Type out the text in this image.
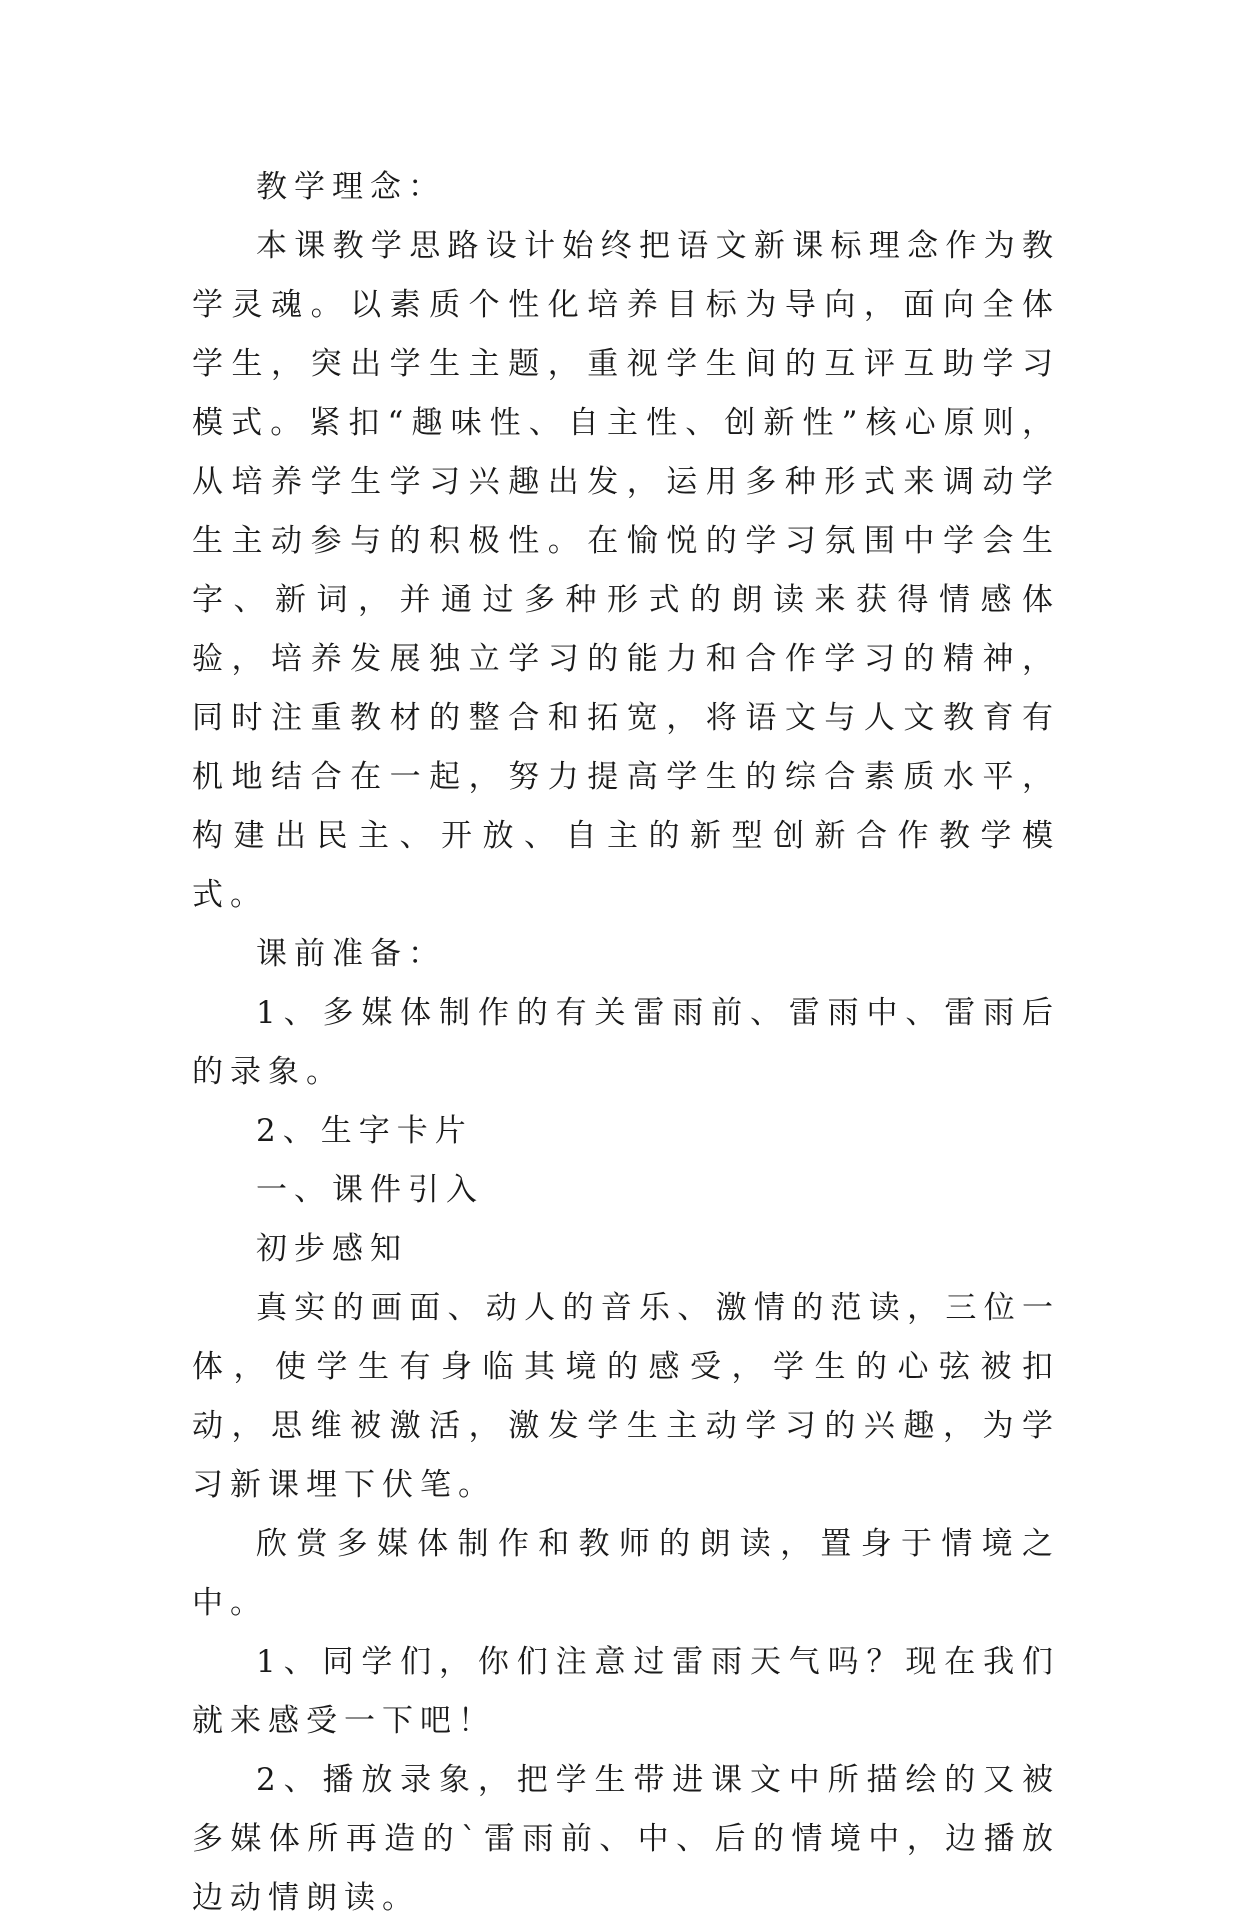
教学理念：

本课教学思路设计始终把语文新课标理念作为教学灵魂。以素质个性化培养目标为导向，面向全体学生，突出学生主题，重视学生间的互评互助学习模式。紧扣“趣味性、自主性、创新性”核心原则，从培养学生学习兴趣出发，运用多种形式来调动学生主动参与的积极性。在愉悦的学习氛围中学会生字、新词，并通过多种形式的朗读来获得情感体验，培养发展独立学习的能力和合作学习的精神，同时注重教材的整合和拓宽，将语文与人文教育有机地结合在一起，努力提高学生的综合素质水平，构建出民主、开放、自主的新型创新合作教学模式。

课前准备：

1、多媒体制作的有关雷雨前、雷雨中、雷雨后的录象。

2、生字卡片

一、课件引入

初步感知

真实的画面、动人的音乐、激情的范读，三位一体，使学生有身临其境的感受，学生的心弦被扣动，思维被激活，激发学生主动学习的兴趣，为学习新课埋下伏笔。

欣赏多媒体制作和教师的朗读，置身于情境之中。

1、同学们，你们注意过雷雨天气吗？现在我们就来感受一下吧！

2、播放录象，把学生带进课文中所描绘的又被多媒体所再造的`雷雨前、中、后的情境中，边播放边动情朗读。
